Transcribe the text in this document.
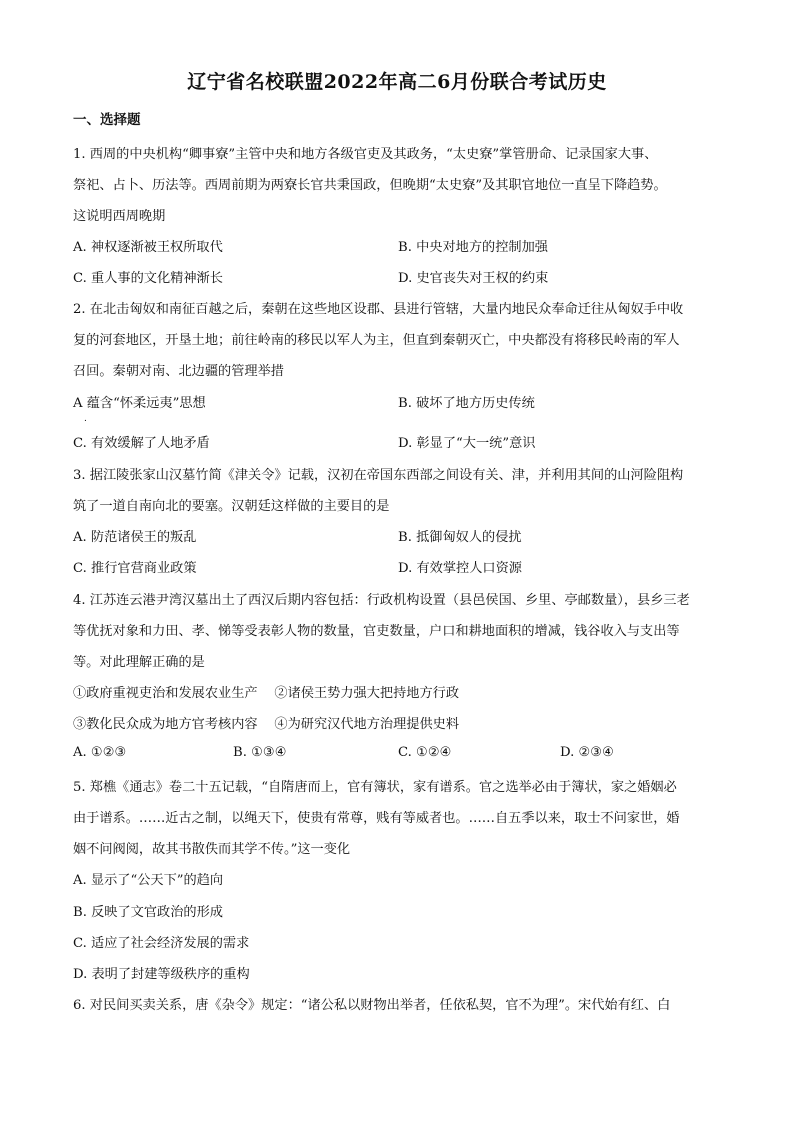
辽宁省名校联盟2022年高二6月份联合考试历史
一、选择题
1. 西周的中央机构“卿事寮”主管中央和地方各级官吏及其政务，“太史寮”掌管册命、记录国家大事、
祭祀、占卜、历法等。西周前期为两寮长官共秉国政，但晚期“太史寮”及其职官地位一直呈下降趋势。
这说明西周晚期
A. 神权逐渐被王权所取代	B. 中央对地方的控制加强
C. 重人事的文化精神渐长	D. 史官丧失对王权的约束
2. 在北击匈奴和南征百越之后，秦朝在这些地区设郡、县进行管辖，大量内地民众奉命迁往从匈奴手中收
复的河套地区，开垦土地；前往岭南的移民以军人为主，但直到秦朝灭亡，中央都没有将移民岭南的军人
召回。秦朝对南、北边疆的管理举措
A 蕴含“怀柔远夷”思想	B. 破坏了地方历史传统
.
C. 有效缓解了人地矛盾	D. 彰显了“大一统”意识
3. 据江陵张家山汉墓竹简《津关令》记载，汉初在帝国东西部之间设有关、津，并利用其间的山河险阻构
筑了一道自南向北的要塞。汉朝廷这样做的主要目的是
A. 防范诸侯王的叛乱	B. 抵御匈奴人的侵扰
C. 推行官营商业政策	D. 有效掌控人口资源
4. 江苏连云港尹湾汉墓出土了西汉后期内容包括：行政机构设置（县邑侯国、乡里、亭邮数量），县乡三老
等优抚对象和力田、孝、悌等受表彰人物的数量，官吏数量，户口和耕地面积的增减，钱谷收入与支出等
等。对此理解正确的是
①政府重视吏治和发展农业生产    ②诸侯王势力强大把持地方行政
③教化民众成为地方官考核内容    ④为研究汉代地方治理提供史料
A. ①②③	B. ①③④	C. ①②④	D. ②③④
5. 郑樵《通志》卷二十五记载，“自隋唐而上，官有簿状，家有谱系。官之选举必由于簿状，家之婚姻必
由于谱系。……近古之制，以绳天下，使贵有常尊，贱有等威者也。……自五季以来，取士不问家世，婚
姻不问阀阅，故其书散佚而其学不传。”这一变化
A. 显示了“公天下”的趋向
B. 反映了文官政治的形成
C. 适应了社会经济发展的需求
D. 表明了封建等级秩序的重构
6. 对民间买卖关系，唐《杂令》规定：“诸公私以财物出举者，任依私契，官不为理”。宋代始有红、白
